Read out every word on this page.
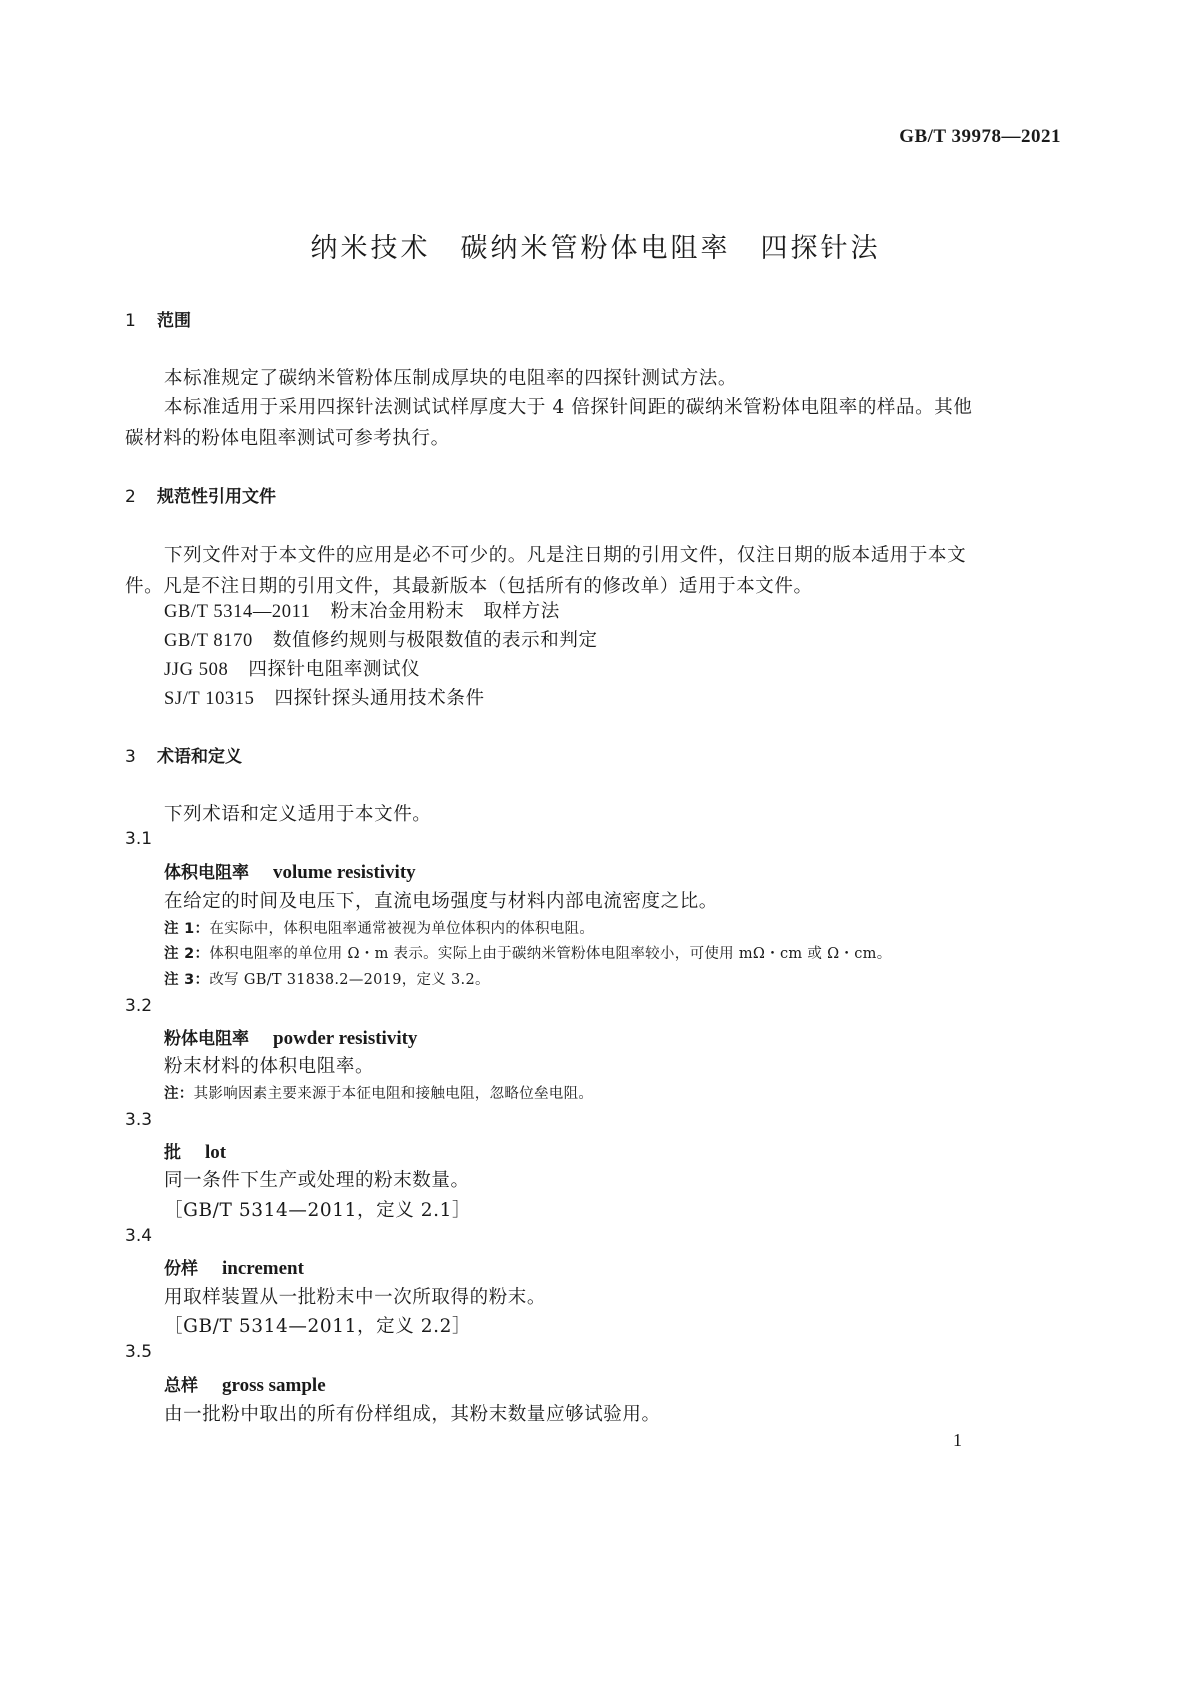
GB/T 39978—2021
纳米技术　碳纳米管粉体电阻率　四探针法
1 范围
本标准规定了碳纳米管粉体压制成厚块的电阻率的四探针测试方法。
本标准适用于采用四探针法测试试样厚度大于 4 倍探针间距的碳纳米管粉体电阻率的样品。其他碳材料的粉体电阻率测试可参考执行。
2 规范性引用文件
下列文件对于本文件的应用是必不可少的。凡是注日期的引用文件，仅注日期的版本适用于本文件。凡是不注日期的引用文件，其最新版本（包括所有的修改单）适用于本文件。
GB/T 5314—2011 粉末冶金用粉末　取样方法
GB/T 8170 数值修约规则与极限数值的表示和判定
JJG 508 四探针电阻率测试仪
SJ/T 10315 四探针探头通用技术条件
3 术语和定义
下列术语和定义适用于本文件。
3.1
体积电阻率 volume resistivity
在给定的时间及电压下，直流电场强度与材料内部电流密度之比。
注 1：在实际中，体积电阻率通常被视为单位体积内的体积电阻。
注 2：体积电阻率的单位用 Ω・m 表示。实际上由于碳纳米管粉体电阻率较小，可使用 mΩ・cm 或 Ω・cm。
注 3：改写 GB/T 31838.2—2019，定义 3.2。
3.2
粉体电阻率 powder resistivity
粉末材料的体积电阻率。
注：其影响因素主要来源于本征电阻和接触电阻，忽略位垒电阻。
3.3
批 lot
同一条件下生产或处理的粉末数量。
［GB/T 5314—2011，定义 2.1］
3.4
份样 increment
用取样装置从一批粉末中一次所取得的粉末。
［GB/T 5314—2011，定义 2.2］
3.5
总样 gross sample
由一批粉中取出的所有份样组成，其粉末数量应够试验用。
1
